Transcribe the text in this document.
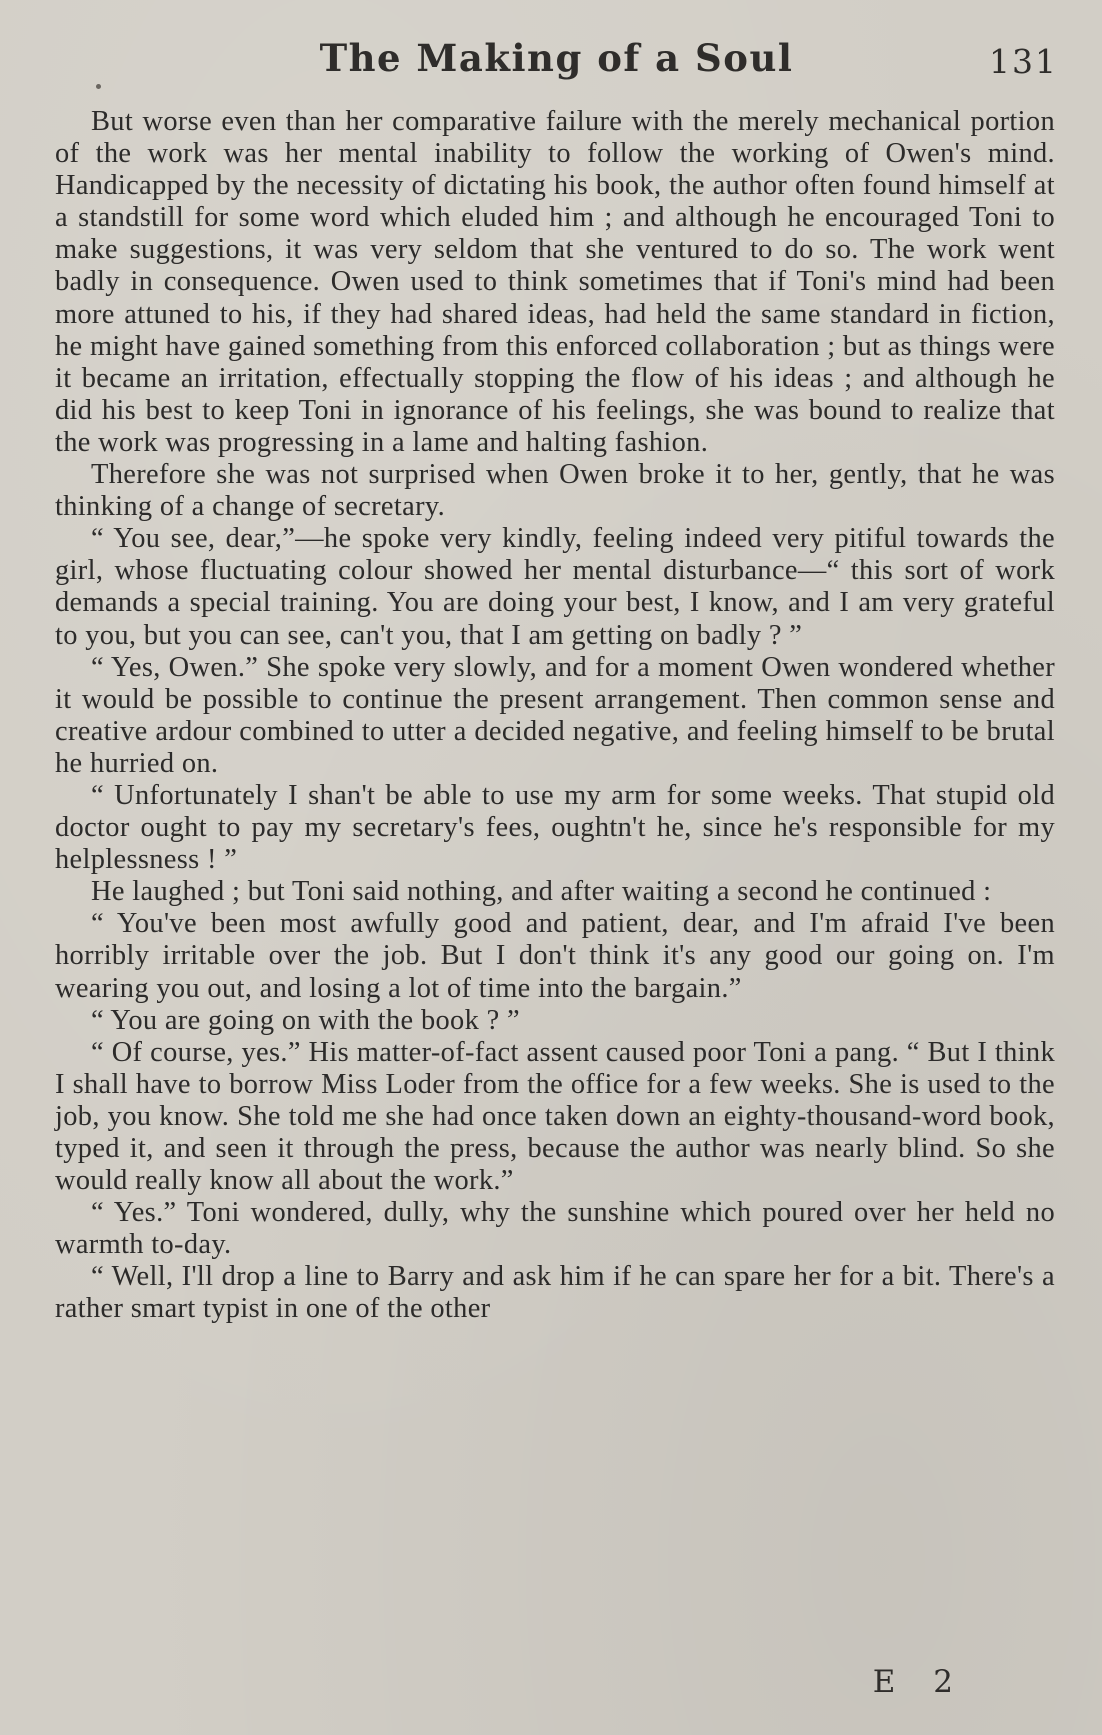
The Making of a Soul	131

But worse even than her comparative failure with the merely mechanical portion of the work was her mental inability to follow the working of Owen's mind. Handicapped by the necessity of dictating his book, the author often found himself at a standstill for some word which eluded him ; and although he encouraged Toni to make suggestions, it was very seldom that she ventured to do so. The work went badly in consequence. Owen used to think sometimes that if Toni's mind had been more attuned to his, if they had shared ideas, had held the same standard in fiction, he might have gained something from this enforced collaboration ; but as things were it became an irritation, effectually stopping the flow of his ideas ; and although he did his best to keep Toni in ignorance of his feelings, she was bound to realize that the work was progressing in a lame and halting fashion.

Therefore she was not surprised when Owen broke it to her, gently, that he was thinking of a change of secretary.

“ You see, dear,”—he spoke very kindly, feeling indeed very pitiful towards the girl, whose fluctuating colour showed her mental disturbance—“ this sort of work demands a special training. You are doing your best, I know, and I am very grateful to you, but you can see, can't you, that I am getting on badly ? ”

“ Yes, Owen.” She spoke very slowly, and for a moment Owen wondered whether it would be possible to continue the present arrangement. Then common sense and creative ardour combined to utter a decided negative, and feeling himself to be brutal he hurried on.

“ Unfortunately I shan't be able to use my arm for some weeks. That stupid old doctor ought to pay my secretary's fees, oughtn't he, since he's responsible for my helplessness ! ”

He laughed ; but Toni said nothing, and after waiting a second he continued :

“ You've been most awfully good and patient, dear, and I'm afraid I've been horribly irritable over the job. But I don't think it's any good our going on. I'm wearing you out, and losing a lot of time into the bargain.”

“ You are going on with the book ? ”

“ Of course, yes.” His matter-of-fact assent caused poor Toni a pang. “ But I think I shall have to borrow Miss Loder from the office for a few weeks. She is used to the job, you know. She told me she had once taken down an eighty-thousand-word book, typed it, and seen it through the press, because the author was nearly blind. So she would really know all about the work.”

“ Yes.” Toni wondered, dully, why the sunshine which poured over her held no warmth to-day.

“ Well, I'll drop a line to Barry and ask him if he can spare her for a bit. There's a rather smart typist in one of the other

E 2
